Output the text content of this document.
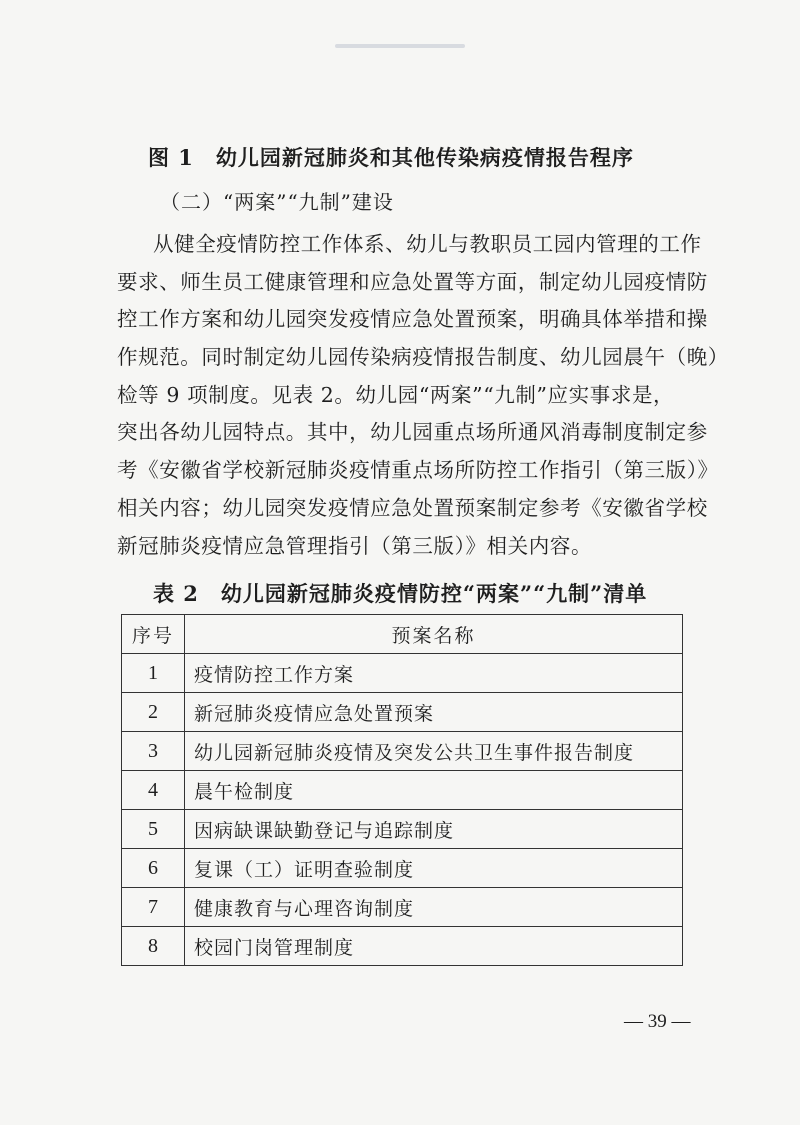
图 1　幼儿园新冠肺炎和其他传染病疫情报告程序
（二）“两案”“九制”建设
从健全疫情防控工作体系、幼儿与教职员工园内管理的工作
要求、师生员工健康管理和应急处置等方面，制定幼儿园疫情防
控工作方案和幼儿园突发疫情应急处置预案，明确具体举措和操
作规范。同时制定幼儿园传染病疫情报告制度、幼儿园晨午（晚）
检等 9 项制度。见表 2。幼儿园“两案”“九制”应实事求是，
突出各幼儿园特点。其中，幼儿园重点场所通风消毒制度制定参
考《安徽省学校新冠肺炎疫情重点场所防控工作指引（第三版）》
相关内容；幼儿园突发疫情应急处置预案制定参考《安徽省学校
新冠肺炎疫情应急管理指引（第三版）》相关内容。
表 2　幼儿园新冠肺炎疫情防控“两案”“九制”清单
序号	预案名称
1	疫情防控工作方案
2	新冠肺炎疫情应急处置预案
3	幼儿园新冠肺炎疫情及突发公共卫生事件报告制度
4	晨午检制度
5	因病缺课缺勤登记与追踪制度
6	复课（工）证明查验制度
7	健康教育与心理咨询制度
8	校园门岗管理制度
— 39 —
